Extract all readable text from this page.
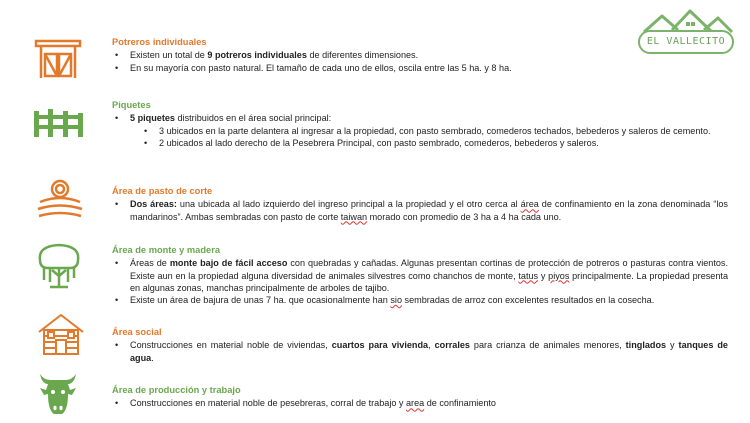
EL VALLECITO
Potreros individuales
• Existen un total de 9 potreros individuales de diferentes dimensiones.
• En su mayoría con pasto natural. El tamaño de cada uno de ellos, oscila entre las 5 ha. y 8 ha.
Piquetes
• 5 piquetes distribuidos en el área social principal:
• 3 ubicados en la parte delantera al ingresar a la propiedad, con pasto sembrado, comederos techados, bebederos y saleros de cemento.
• 2 ubicados al lado derecho de la Pesebrera Principal, con pasto sembrado, comederos, bebederos y saleros.
Área de pasto de corte
• Dos áreas: una ubicada al lado izquierdo del ingreso principal a la propiedad y el otro cerca al área de confinamiento en la zona denominada “los mandarinos”. Ambas sembradas con pasto de corte taiwan morado con promedio de 3 ha a 4 ha cada uno.
Área de monte y madera
• Áreas de monte bajo de fácil acceso con quebradas y cañadas. Algunas presentan cortinas de protección de potreros o pasturas contra vientos. Existe aun en la propiedad alguna diversidad de animales silvestres como chanchos de monte, tatus y piyos principalmente. La propiedad presenta en algunas zonas, manchas principalmente de arboles de tajibo.
• Existe un área de bajura de unas 7 ha. que ocasionalmente han sio sembradas de arroz con excelentes resultados en la cosecha.
Área social
• Construcciones en material noble de viviendas, cuartos para vivienda, corrales para crianza de animales menores, tinglados y tanques de agua.
Área de producción y trabajo
• Construcciones en material noble de pesebreras, corral de trabajo y area de confinamiento
